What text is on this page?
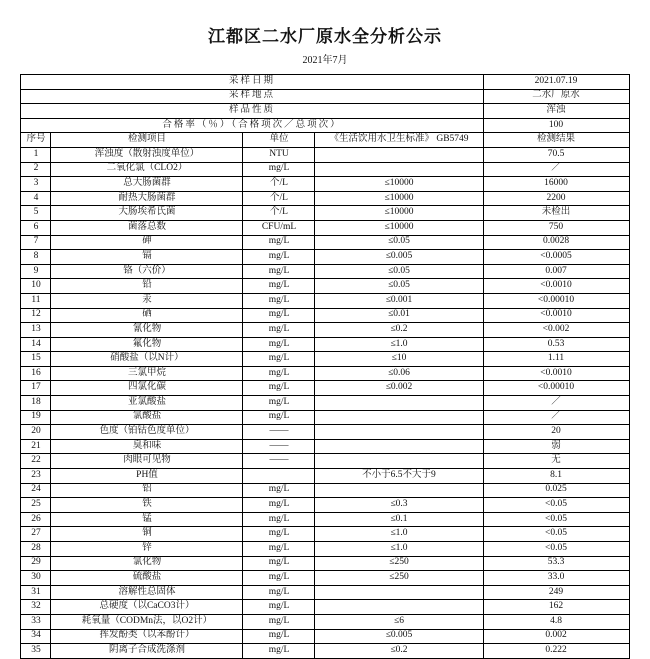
江都区二水厂原水全分析公示
2021年7月
采样日期				2021.07.19
采样地点				二水厂原水
样品性质				浑浊
合格率（％）（合格项次／总项次）				100
序号	检测项目	单位	《生活饮用水卫生标准》 GB5749	检测结果
1	浑浊度（散射浊度单位）	NTU		70.5
2	二氧化氯（CLO2）	mg/L		／
3	总大肠菌群	个/L	≤10000	16000
4	耐热大肠菌群	个/L	≤10000	2200
5	大肠埃希氏菌	个/L	≤10000	未检出
6	菌落总数	CFU/mL	≤10000	750
7	砷	mg/L	≤0.05	0.0028
8	镉	mg/L	≤0.005	<0.0005
9	铬（六价）	mg/L	≤0.05	0.007
10	铅	mg/L	≤0.05	<0.0010
11	汞	mg/L	≤0.001	<0.00010
12	硒	mg/L	≤0.01	<0.0010
13	氰化物	mg/L	≤0.2	<0.002
14	氟化物	mg/L	≤1.0	0.53
15	硝酸盐（以N计）	mg/L	≤10	1.11
16	三氯甲烷	mg/L	≤0.06	<0.0010
17	四氯化碳	mg/L	≤0.002	<0.00010
18	亚氯酸盐	mg/L		／
19	氯酸盐	mg/L		／
20	色度（铂钴色度单位）	——		20
21	臭和味	——		弱
22	肉眼可见物	——		无
23	PH值		不小于6.5不大于9	8.1
24	铝	mg/L		0.025
25	铁	mg/L	≤0.3	<0.05
26	锰	mg/L	≤0.1	<0.05
27	铜	mg/L	≤1.0	<0.05
28	锌	mg/L	≤1.0	<0.05
29	氯化物	mg/L	≤250	53.3
30	硫酸盐	mg/L	≤250	33.0
31	溶解性总固体	mg/L		249
32	总硬度（以CaCO3计）	mg/L		162
33	耗氧量（CODMn法，以O2计）	mg/L	≤6	4.8
34	挥发酚类（以苯酚计）	mg/L	≤0.005	0.002
35	阴离子合成洗涤剂	mg/L	≤0.2	0.222
